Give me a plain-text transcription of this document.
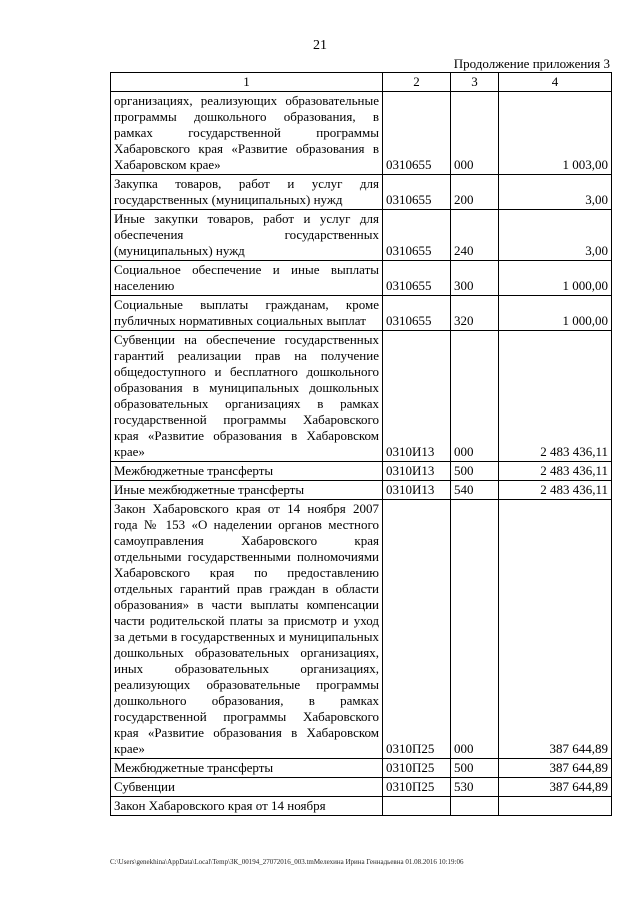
21
Продолжение приложения 3
1	2	3	4
организациях, реализующих образовательные программы дошкольного образования, в рамках государственной программы Хабаровского края «Развитие образования в Хабаровском крае»	0310655	000	1 003,00
Закупка товаров, работ и услуг для государственных (муниципальных) нужд	0310655	200	3,00
Иные закупки товаров, работ и услуг для обеспечения государственных (муниципальных) нужд	0310655	240	3,00
Социальное обеспечение и иные выплаты населению	0310655	300	1 000,00
Социальные выплаты гражданам, кроме публичных нормативных социальных выплат	0310655	320	1 000,00
Субвенции на обеспечение государственных гарантий реализации прав на получение общедоступного и бесплатного дошкольного образования в муниципальных дошкольных образовательных организациях в рамках государственной программы Хабаровского края «Развитие образования в Хабаровском крае»	0310И13	000	2 483 436,11
Межбюджетные трансферты	0310И13	500	2 483 436,11
Иные межбюджетные трансферты	0310И13	540	2 483 436,11
Закон Хабаровского края от 14 ноября 2007 года № 153 «О наделении органов местного самоуправления Хабаровского края отдельными государственными полномочиями Хабаровского края по предоставлению отдельных гарантий прав граждан в области образования» в части выплаты компенсации части родительской платы за присмотр и уход за детьми в государственных и муниципальных дошкольных образовательных организациях, иных образовательных организациях, реализующих образовательные программы дошкольного образования, в рамках государственной программы Хабаровского края «Развитие образования в Хабаровском крае»	0310П25	000	387 644,89
Межбюджетные трансферты	0310П25	500	387 644,89
Субвенции	0310П25	530	387 644,89
Закон Хабаровского края от 14 ноября			
C:\Users\genekhina\AppData\Local\Temp\ЗК_00194_27072016_003.tmМелехина Ирина Геннадьевна 01.08.2016 10:19:06
